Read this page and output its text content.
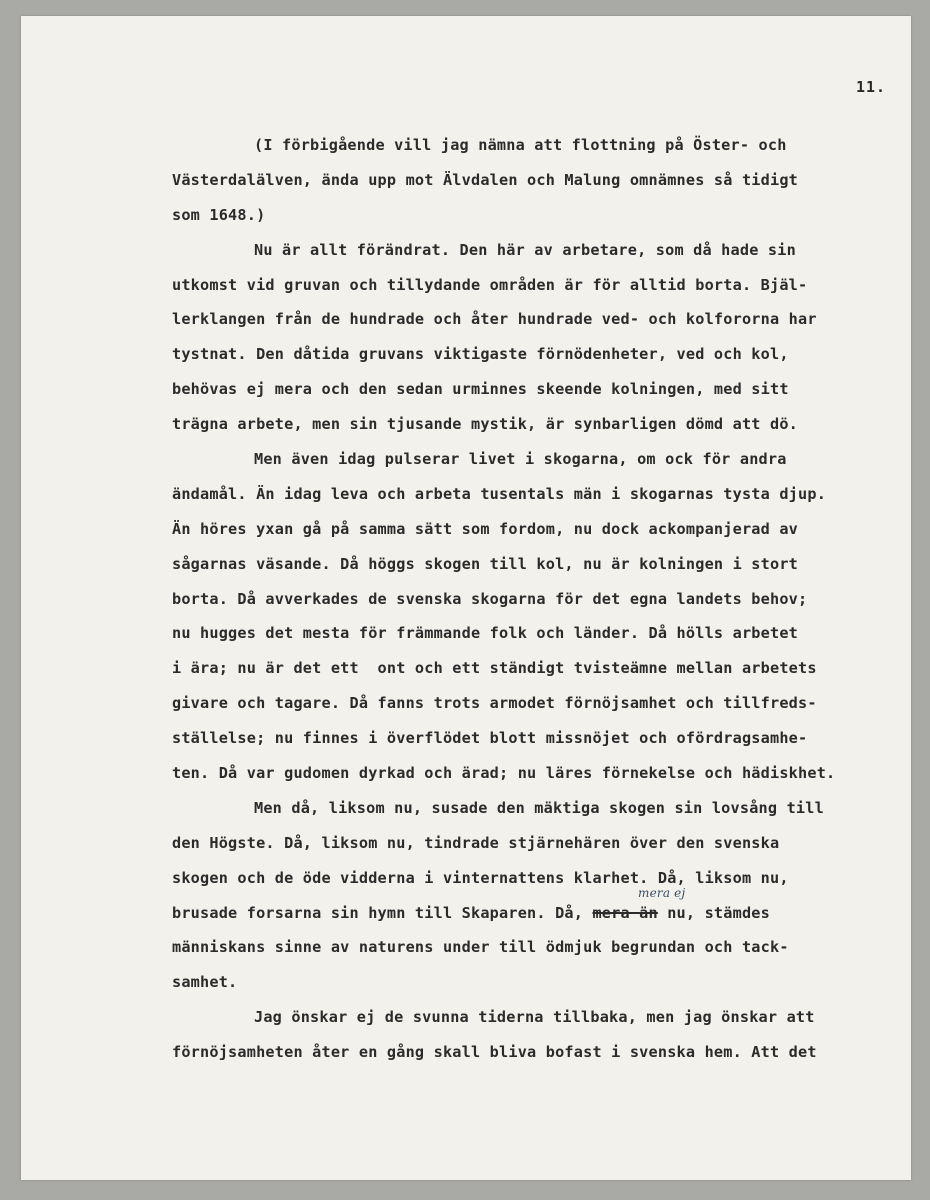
11.
(I förbigående vill jag nämna att flottning på Öster- och
Västerdalälven, ända upp mot Älvdalen och Malung omnämnes så tidigt
som 1648.)
Nu är allt förändrat. Den här av arbetare, som då hade sin
utkomst vid gruvan och tillydande områden är för alltid borta. Bjäl-
lerklangen från de hundrade och åter hundrade ved- och kolfororna har
tystnat. Den dåtida gruvans viktigaste förnödenheter, ved och kol,
behövas ej mera och den sedan urminnes skeende kolningen, med sitt
trägna arbete, men sin tjusande mystik, är synbarligen dömd att dö.
Men även idag pulserar livet i skogarna, om ock för andra
ändamål. Än idag leva och arbeta tusentals män i skogarnas tysta djup.
Än höres yxan gå på samma sätt som fordom, nu dock ackompanjerad av
sågarnas väsande. Då höggs skogen till kol, nu är kolningen i stort
borta. Då avverkades de svenska skogarna för det egna landets behov;
nu hugges det mesta för främmande folk och länder. Då hölls arbetet
i ära; nu är det ett  ont och ett ständigt tvisteämne mellan arbetets
givare och tagare. Då fanns trots armodet förnöjsamhet och tillfreds-
ställelse; nu finnes i överflödet blott missnöjet och ofördragsamhe-
ten. Då var gudomen dyrkad och ärad; nu läres förnekelse och hädiskhet.
Men då, liksom nu, susade den mäktiga skogen sin lovsång till
den Högste. Då, liksom nu, tindrade stjärnehären över den svenska
skogen och de öde vidderna i vinternattens klarhet. Då, liksom nu,
brusade forsarna sin hymn till Skaparen. Då, mera än nu, stämdes
mera ej
människans sinne av naturens under till ödmjuk begrundan och tack-
samhet.
Jag önskar ej de svunna tiderna tillbaka, men jag önskar att
förnöjsamheten åter en gång skall bliva bofast i svenska hem. Att det
